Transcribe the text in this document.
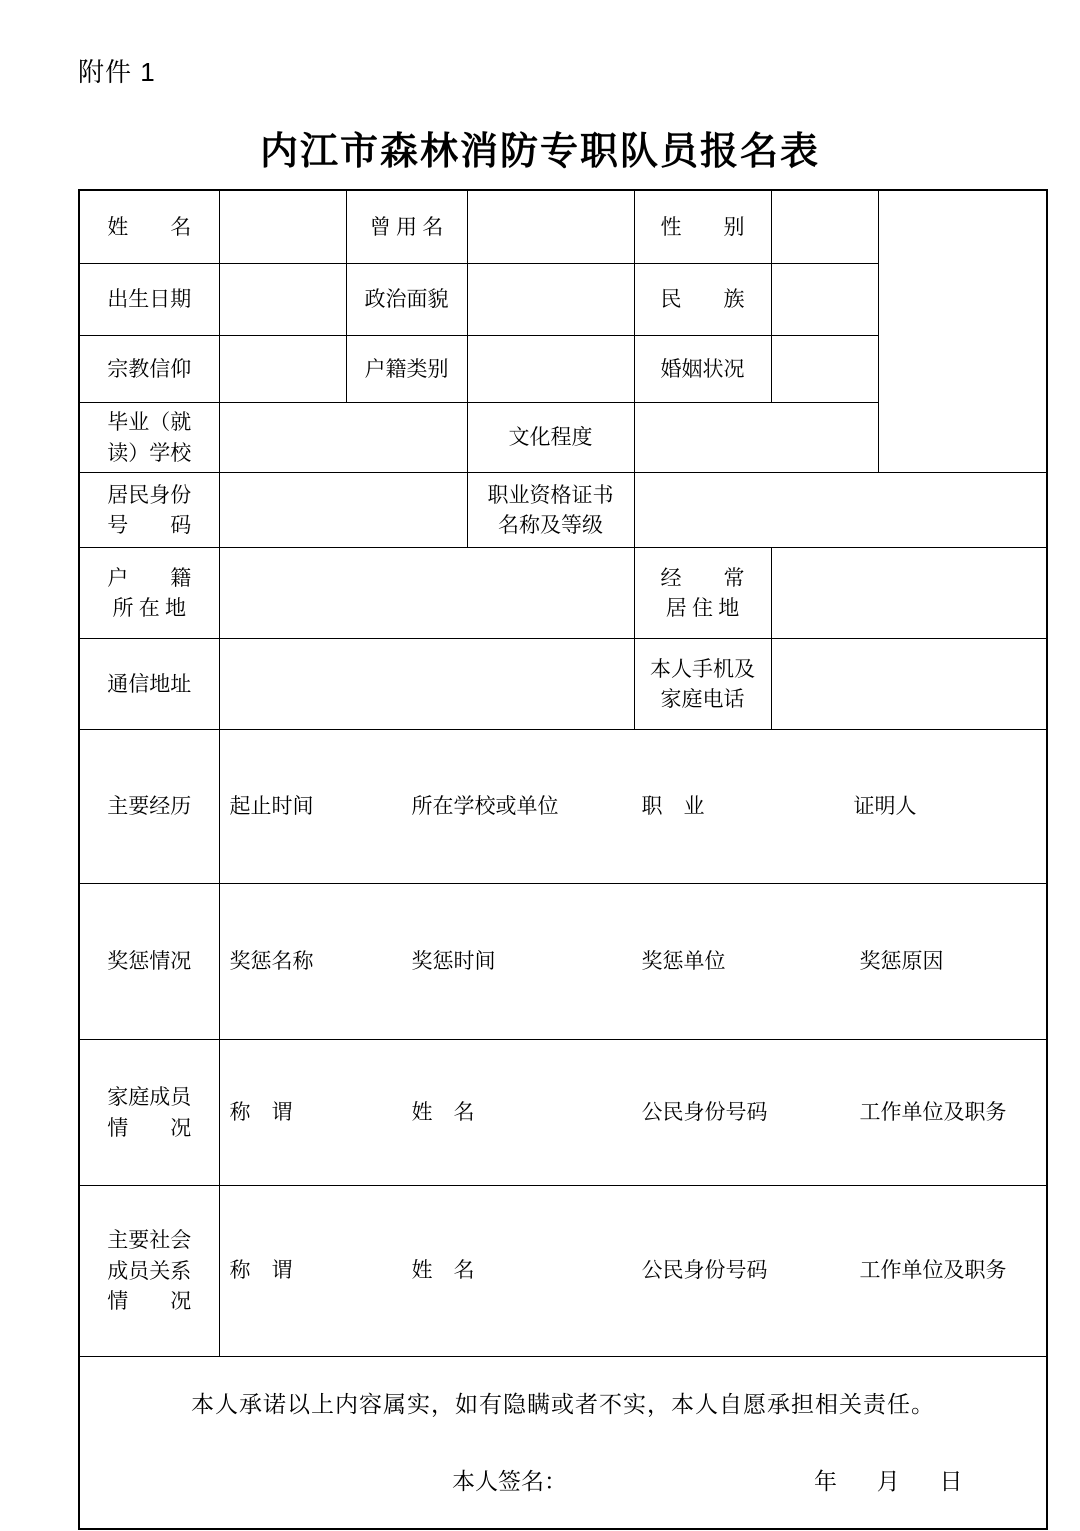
附件 1
内江市森林消防专职队员报名表
姓　　名		曾 用 名		性　　别		
出生日期		政治面貌		民　　族		
宗教信仰		户籍类别		婚姻状况		

毕业（就
读）学校			文化程度			

居民身份
号　　码			职业资格证书
名称及等级			

户　　籍
所 在 地				经　　常
居 住 地		

通信地址				本人手机及
家庭电话		

主要经历	起止时间 所在学校或单位 职　业 证明人					

奖惩情况	奖惩名称 奖惩时间 奖惩单位 奖惩原因					

家庭成员
情　　况	称　谓 姓　名 公民身份号码 工作单位及职务					

主要社会
成员关系
情　　况	称　谓 姓　名 公民身份号码 工作单位及职务					

本人承诺以上内容属实，如有隐瞒或者不实，本人自愿承担相关责任。
本人签名： 年 月 日						
